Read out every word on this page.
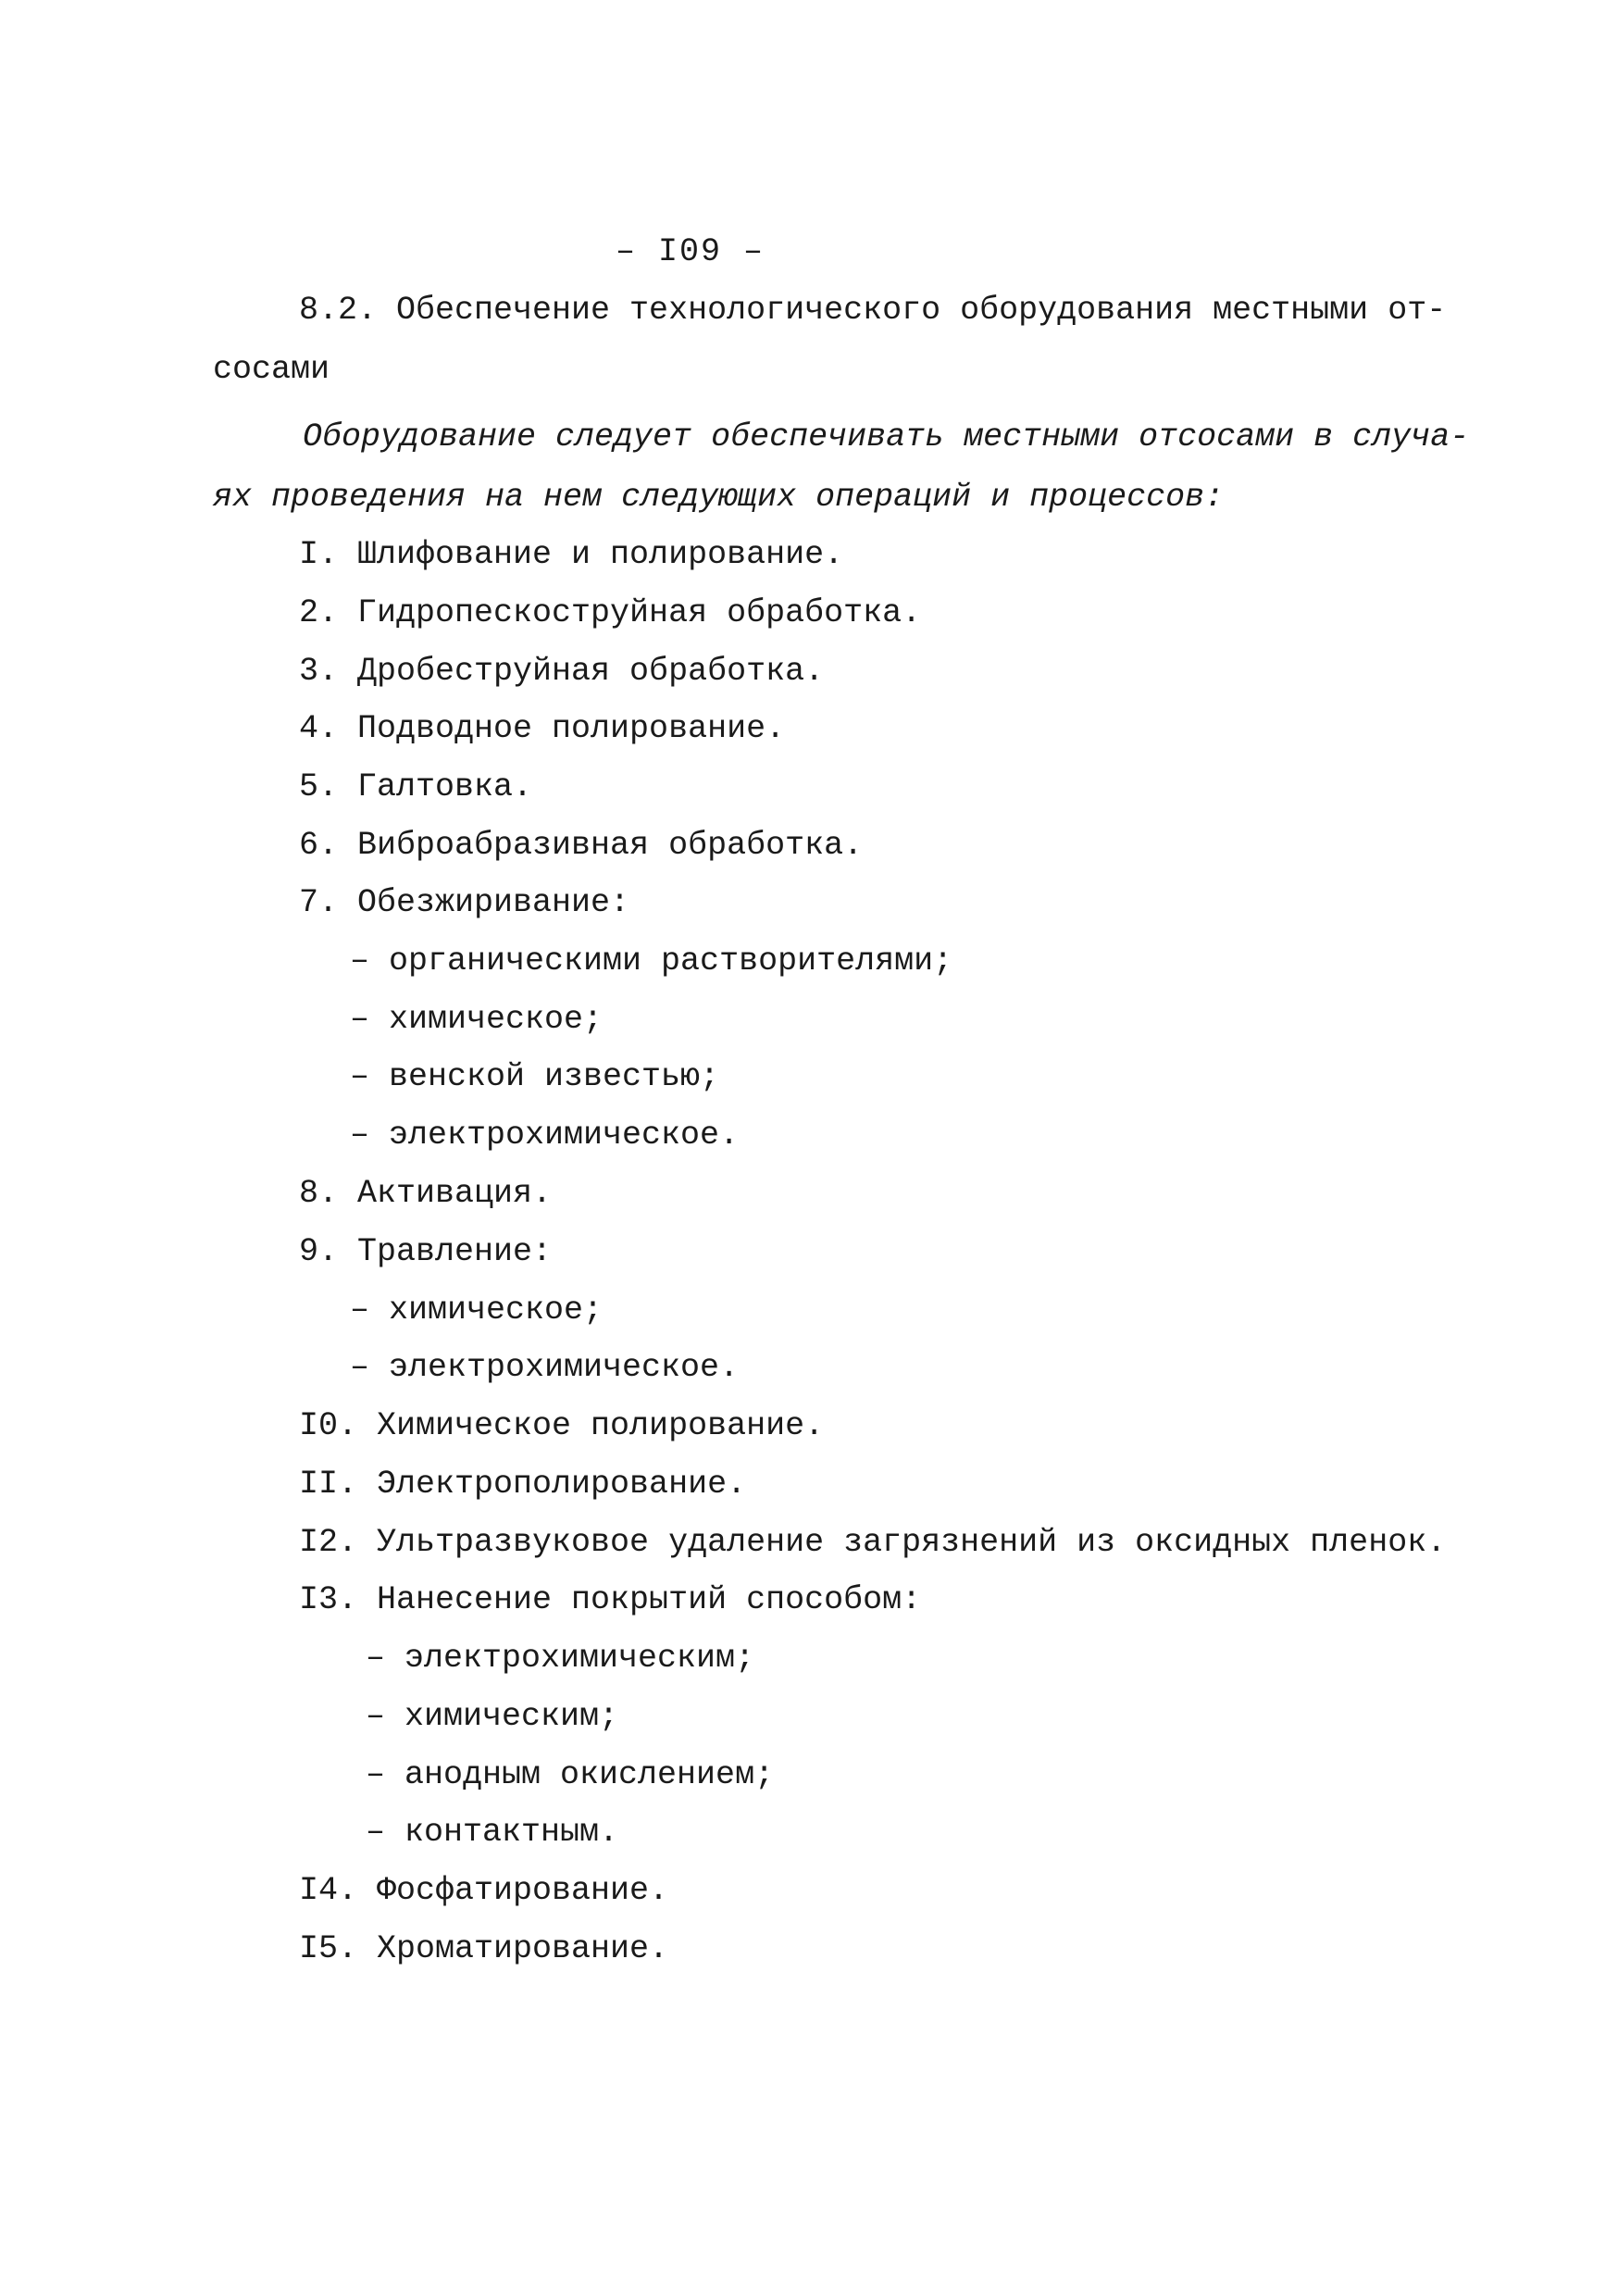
– I09 –
8.2. Обеспечение технологического оборудования местными от-
сосами
Оборудование следует обеспечивать местными отсосами в случа-
ях проведения на нем следующих операций и процессов:
I. Шлифование и полирование.
2. Гидропескоструйная обработка.
3. Дробеструйная обработка.
4. Подводное полирование.
5. Галтовка.
6. Виброабразивная обработка.
7. Обезжиривание:
– органическими растворителями;
– химическое;
– венской известью;
– электрохимическое.
8. Активация.
9. Травление:
– химическое;
– электрохимическое.
I0. Химическое полирование.
II. Электрополирование.
I2. Ультразвуковое удаление загрязнений из оксидных пленок.
I3. Нанесение покрытий способом:
– электрохимическим;
– химическим;
– анодным окислением;
– контактным.
I4. Фосфатирование.
I5. Хроматирование.
